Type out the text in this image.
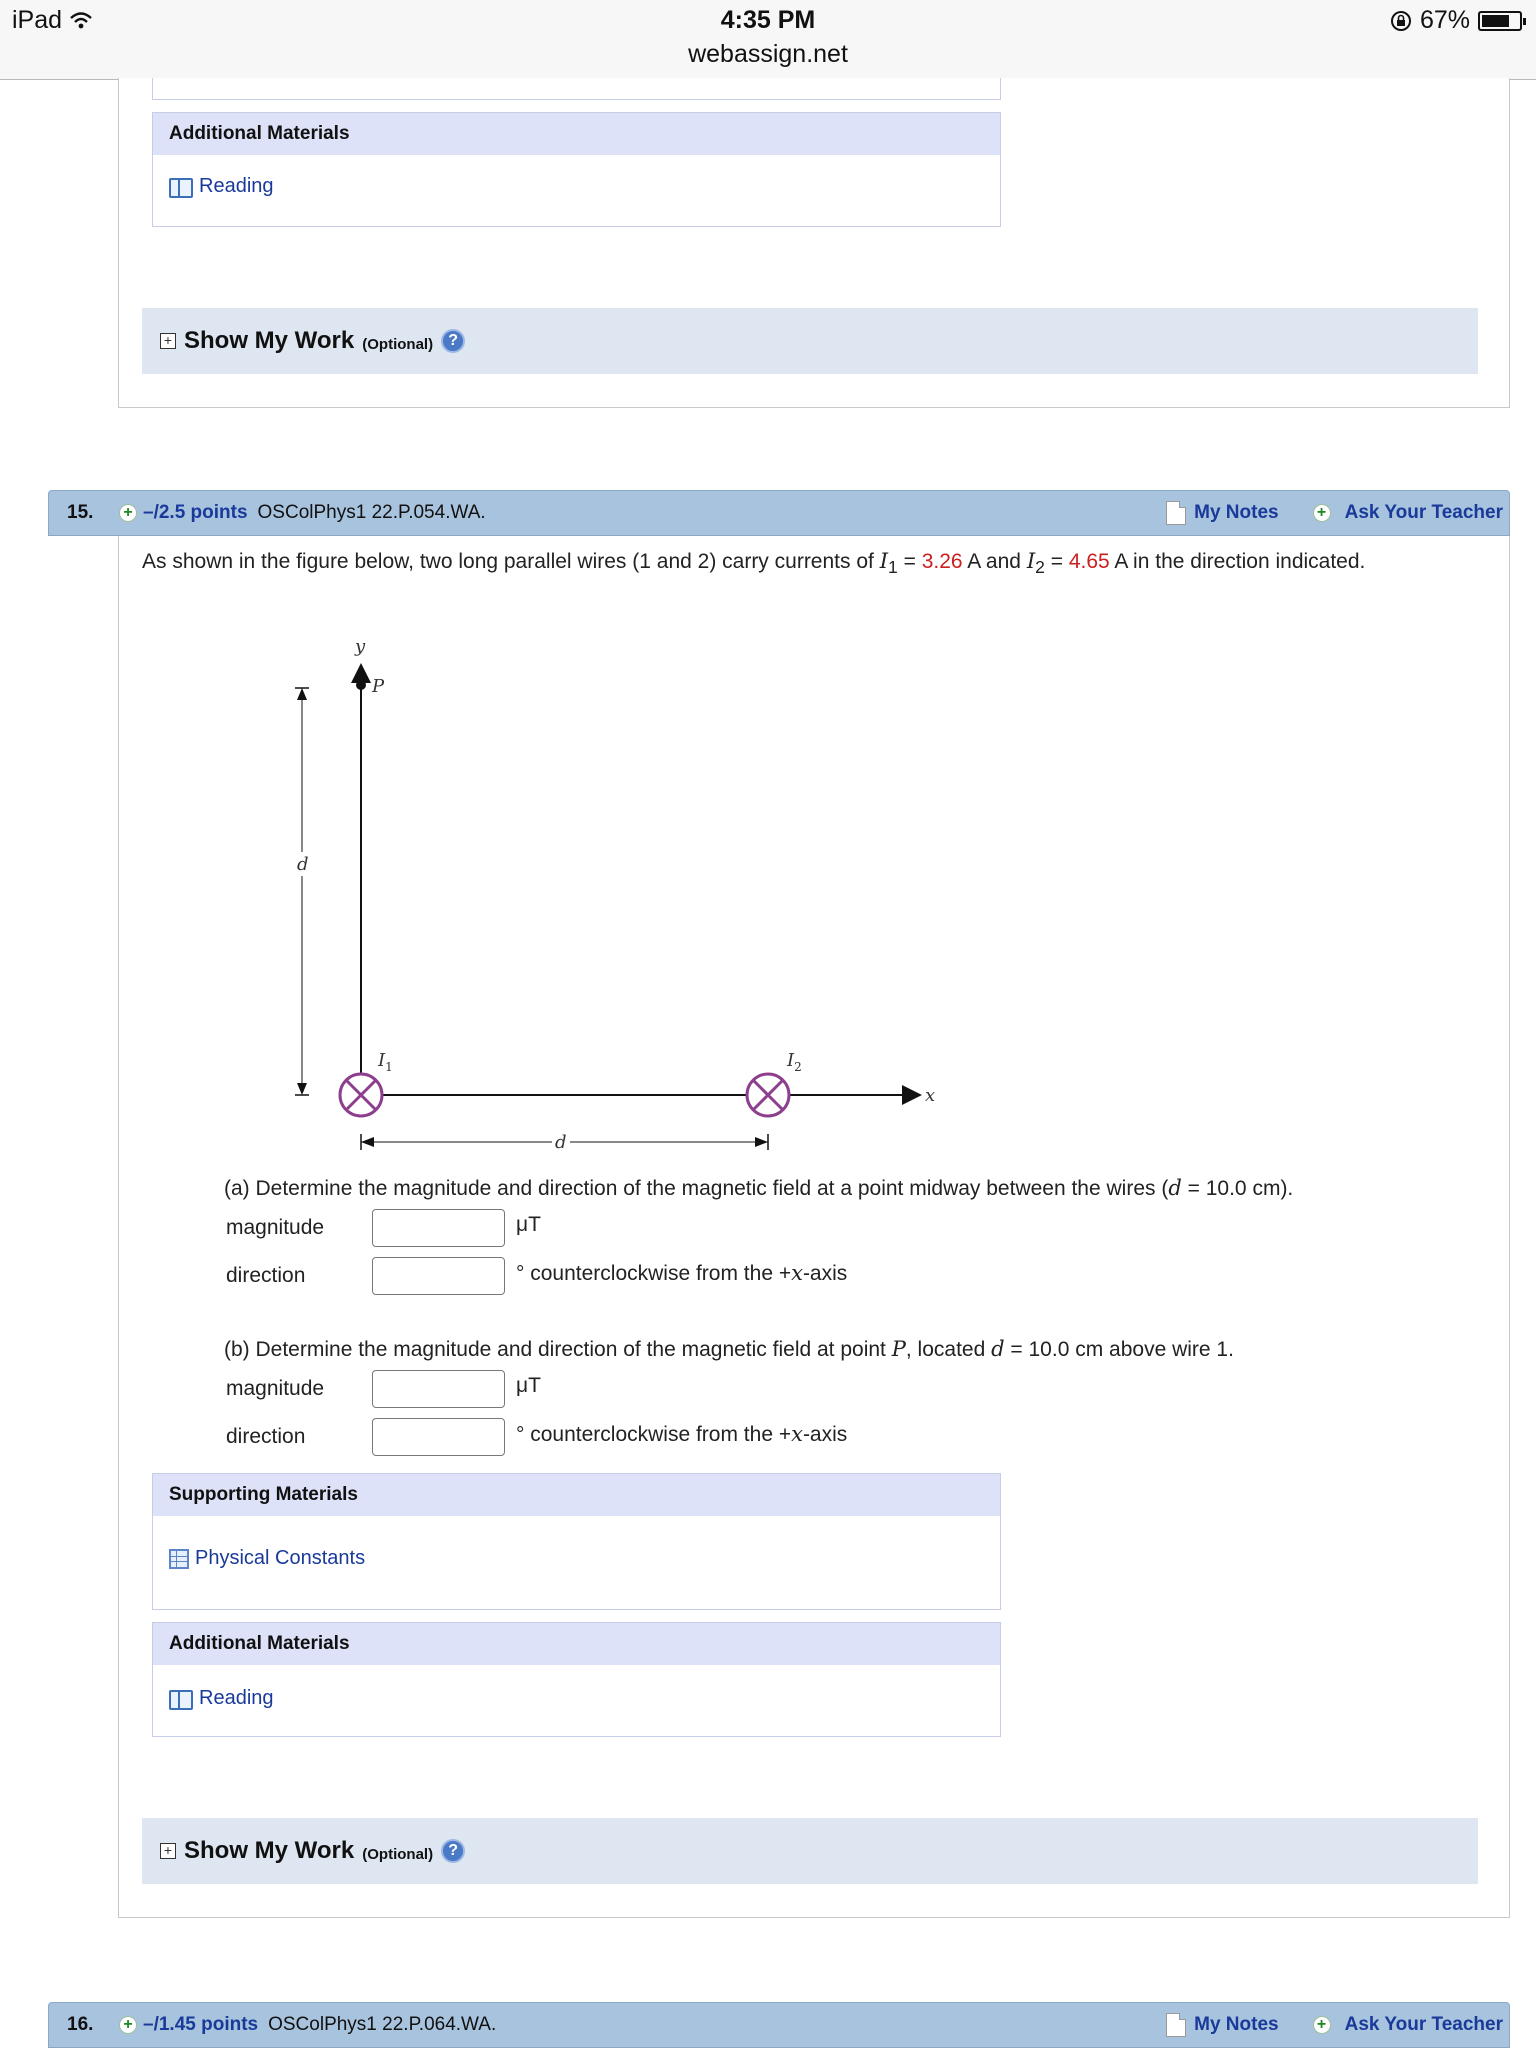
iPad	4:35 PM
webassign.net
67%
Additional Materials
Reading
+ Show My Work (Optional) ?
15.	+ –/2.5 points OSColPhys1 22.P.054.WA.	My Notes + Ask Your Teacher
As shown in the figure below, two long parallel wires (1 and 2) carry currents of $I_1 = 3.26$ A and $I_2 = 4.65$ A in the direction indicated.
y
P
x
d
d
$I_1$	$I_2$
(a) Determine the magnitude and direction of the magnetic field at a point midway between the wires (d = 10.0 cm).
magnitude	μT
direction	° counterclockwise from the +x-axis
(b) Determine the magnitude and direction of the magnetic field at point P, located d = 10.0 cm above wire 1.
magnitude	μT
direction	° counterclockwise from the +x-axis
Supporting Materials
Physical Constants
Additional Materials
Reading
+ Show My Work (Optional) ?
16.	+ –/1.45 points OSColPhys1 22.P.064.WA.	My Notes + Ask Your Teacher
